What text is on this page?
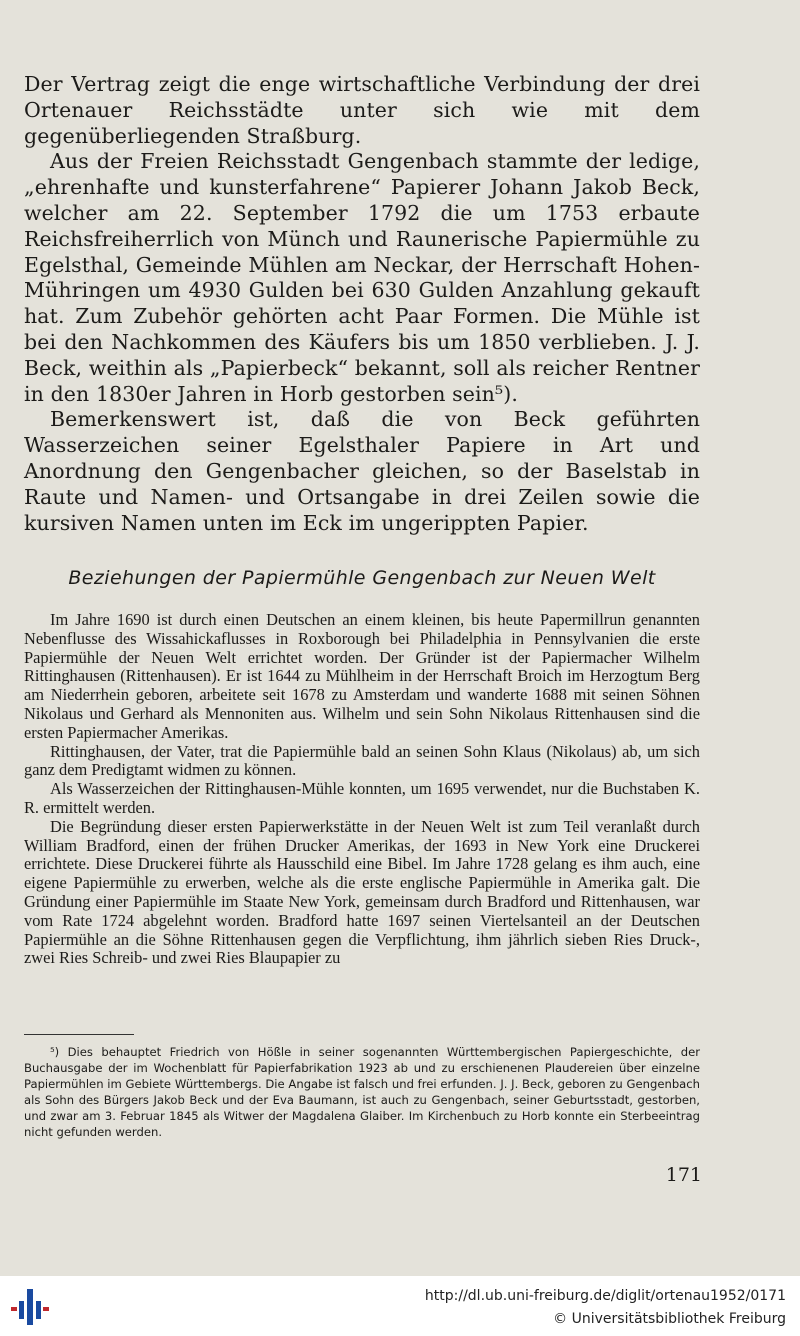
Der Vertrag zeigt die enge wirtschaftliche Verbindung der drei Ortenauer Reichsstädte unter sich wie mit dem gegenüberliegenden Straßburg.

Aus der Freien Reichsstadt Gengenbach stammte der ledige, „ehrenhafte und kunsterfahrene“ Papierer Johann Jakob Beck, welcher am 22. September 1792 die um 1753 erbaute Reichsfreiherrlich von Münch und Raunerische Papiermühle zu Egelsthal, Gemeinde Mühlen am Neckar, der Herrschaft Hohen-Mühringen um 4930 Gulden bei 630 Gulden Anzahlung gekauft hat. Zum Zubehör gehörten acht Paar Formen. Die Mühle ist bei den Nachkommen des Käufers bis um 1850 verblieben. J. J. Beck, weithin als „Papierbeck“ bekannt, soll als reicher Rentner in den 1830er Jahren in Horb gestorben sein⁵).

Bemerkenswert ist, daß die von Beck geführten Wasserzeichen seiner Egelsthaler Papiere in Art und Anordnung den Gengenbacher gleichen, so der Baselstab in Raute und Namen- und Ortsangabe in drei Zeilen sowie die kursiven Namen unten im Eck im ungerippten Papier.

Beziehungen der Papiermühle Gengenbach zur Neuen Welt

Im Jahre 1690 ist durch einen Deutschen an einem kleinen, bis heute Papermillrun genannten Nebenflusse des Wissahickaflusses in Roxborough bei Philadelphia in Pennsylvanien die erste Papiermühle der Neuen Welt errichtet worden. Der Gründer ist der Papiermacher Wilhelm Rittinghausen (Rittenhausen). Er ist 1644 zu Mühlheim in der Herrschaft Broich im Herzogtum Berg am Niederrhein geboren, arbeitete seit 1678 zu Amsterdam und wanderte 1688 mit seinen Söhnen Nikolaus und Gerhard als Mennoniten aus. Wilhelm und sein Sohn Nikolaus Rittenhausen sind die ersten Papiermacher Amerikas.

Rittinghausen, der Vater, trat die Papiermühle bald an seinen Sohn Klaus (Nikolaus) ab, um sich ganz dem Predigtamt widmen zu können.

Als Wasserzeichen der Rittinghausen-Mühle konnten, um 1695 verwendet, nur die Buchstaben K. R. ermittelt werden.

Die Begründung dieser ersten Papierwerkstätte in der Neuen Welt ist zum Teil veranlaßt durch William Bradford, einen der frühen Drucker Amerikas, der 1693 in New York eine Druckerei errichtete. Diese Druckerei führte als Hausschild eine Bibel. Im Jahre 1728 gelang es ihm auch, eine eigene Papiermühle zu erwerben, welche als die erste englische Papiermühle in Amerika galt. Die Gründung einer Papiermühle im Staate New York, gemeinsam durch Bradford und Rittenhausen, war vom Rate 1724 abgelehnt worden. Bradford hatte 1697 seinen Viertelsanteil an der Deutschen Papiermühle an die Söhne Rittenhausen gegen die Verpflichtung, ihm jährlich sieben Ries Druck-, zwei Ries Schreib- und zwei Ries Blaupapier zu

⁵) Dies behauptet Friedrich von Hößle in seiner sogenannten Württembergischen Papiergeschichte, der Buchausgabe der im Wochenblatt für Papierfabrikation 1923 ab und zu erschienenen Plaudereien über einzelne Papiermühlen im Gebiete Württembergs. Die Angabe ist falsch und frei erfunden. J. J. Beck, geboren zu Gengenbach als Sohn des Bürgers Jakob Beck und der Eva Baumann, ist auch zu Gengenbach, seiner Geburtsstadt, gestorben, und zwar am 3. Februar 1845 als Witwer der Magdalena Glaiber. Im Kirchenbuch zu Horb konnte ein Sterbeeintrag nicht gefunden werden.

171
http://dl.ub.uni-freiburg.de/diglit/ortenau1952/0171
© Universitätsbibliothek Freiburg
